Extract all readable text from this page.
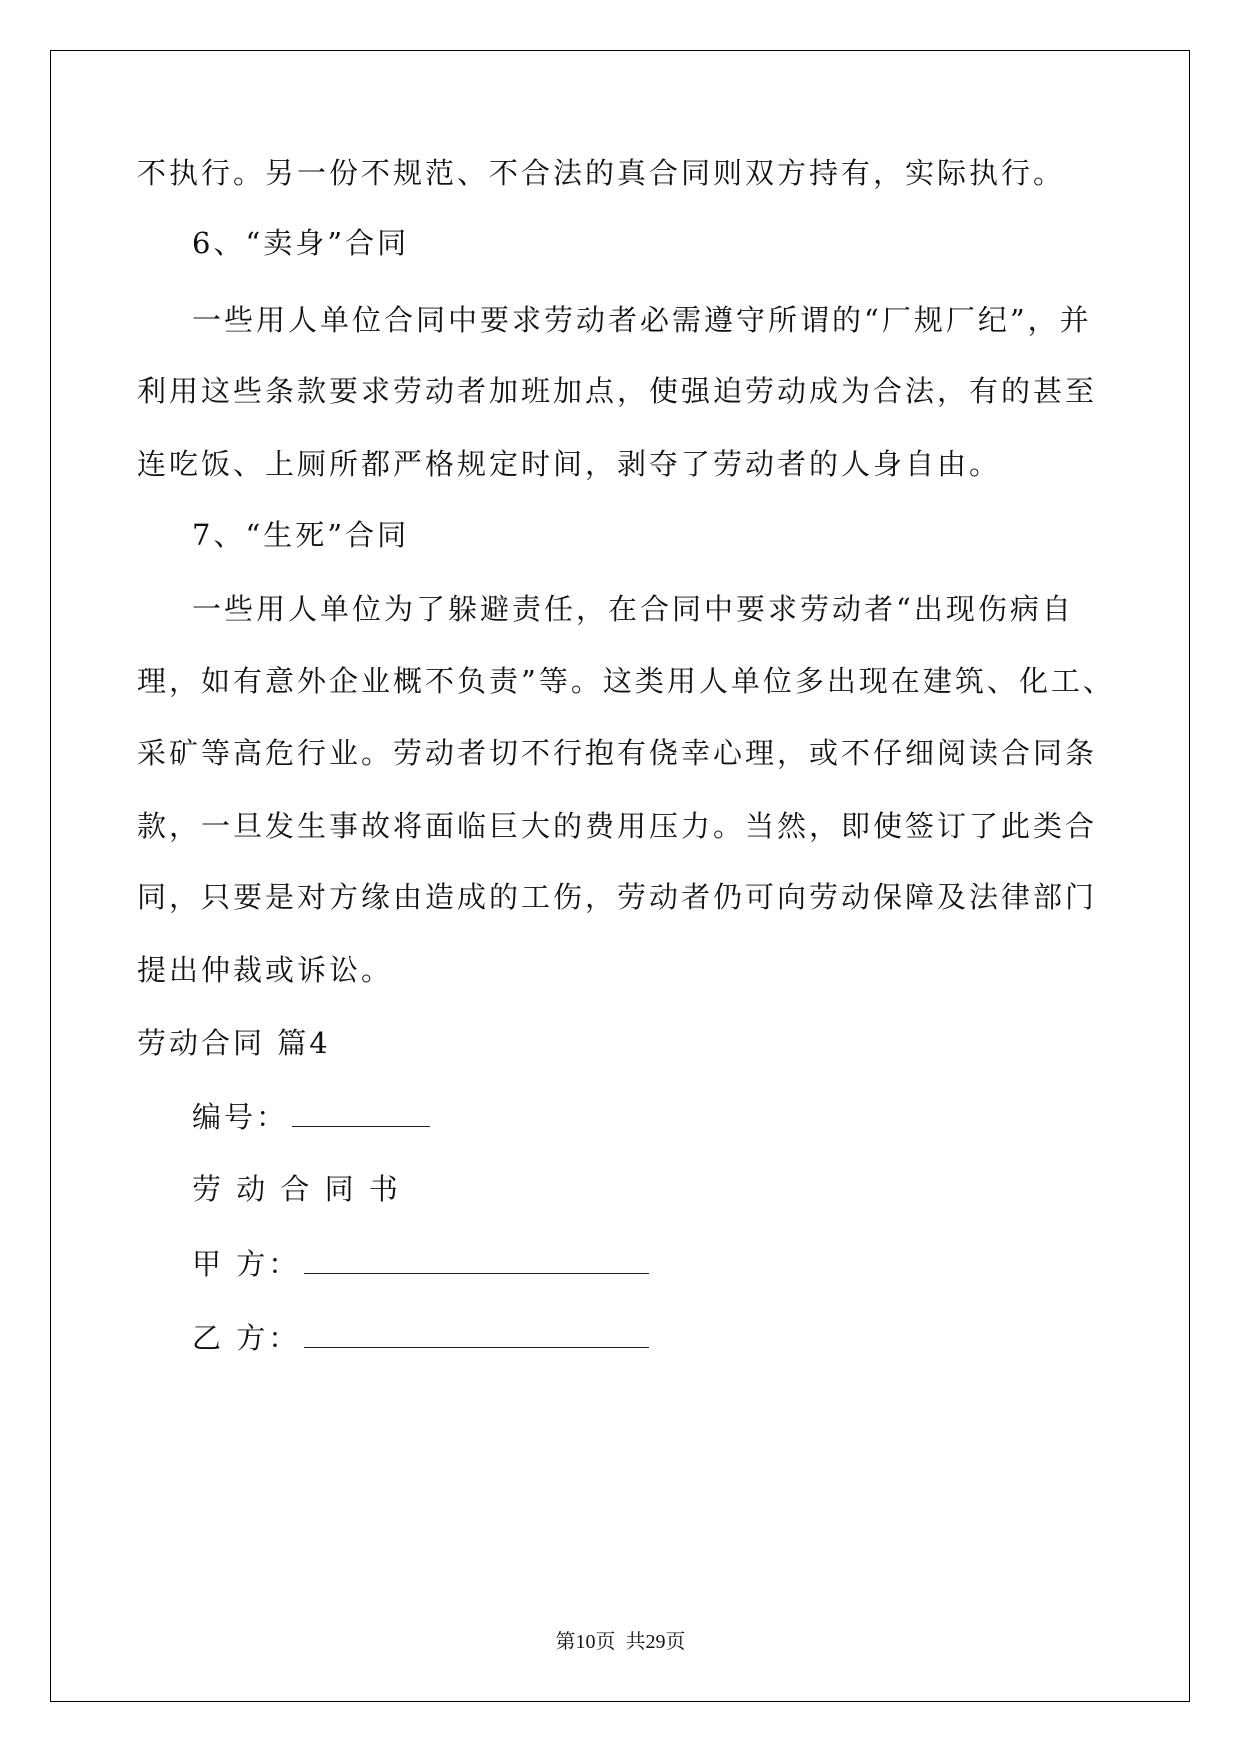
不执行。另一份不规范、不合法的真合同则双方持有，实际执行。
6、“卖身”合同
一些用人单位合同中要求劳动者必需遵守所谓的“厂规厂纪”，并
利用这些条款要求劳动者加班加点，使强迫劳动成为合法，有的甚至
连吃饭、上厕所都严格规定时间，剥夺了劳动者的人身自由。
7、“生死”合同
一些用人单位为了躲避责任，在合同中要求劳动者“出现伤病自
理，如有意外企业概不负责”等。这类用人单位多出现在建筑、化工、
采矿等高危行业。劳动者切不行抱有侥幸心理，或不仔细阅读合同条
款，一旦发生事故将面临巨大的费用压力。当然，即使签订了此类合
同，只要是对方缘由造成的工伤，劳动者仍可向劳动保障及法律部门
提出仲裁或诉讼。
劳动合同 篇4
编号：
劳 动 合 同 书
甲 方：
乙 方：
第10页  共29页
